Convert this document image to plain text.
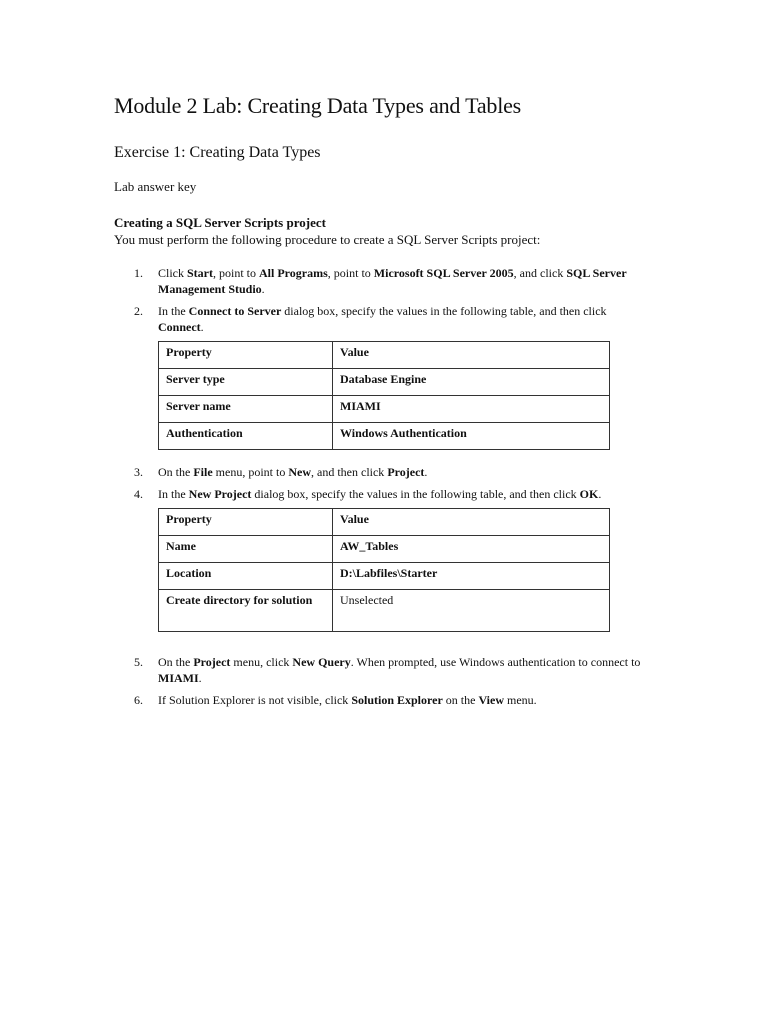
Module 2 Lab: Creating Data Types and Tables
Exercise 1: Creating Data Types

Lab answer key

Creating a SQL Server Scripts project

You must perform the following procedure to create a SQL Server Scripts project:

1. Click Start, point to All Programs, point to Microsoft SQL Server 2005, and click SQL Server Management Studio.
2. In the Connect to Server dialog box, specify the values in the following table, and then click Connect.
Property	Value
Server type	Database Engine
Server name	MIAMI
Authentication	Windows Authentication
3. On the File menu, point to New, and then click Project.
4. In the New Project dialog box, specify the values in the following table, and then click OK.
Property	Value
Name	AW_Tables
Location	D:\Labfiles\Starter
Create directory for solution	Unselected
5. On the Project menu, click New Query. When prompted, use Windows authentication to connect to MIAMI.
6. If Solution Explorer is not visible, click Solution Explorer on the View menu.
